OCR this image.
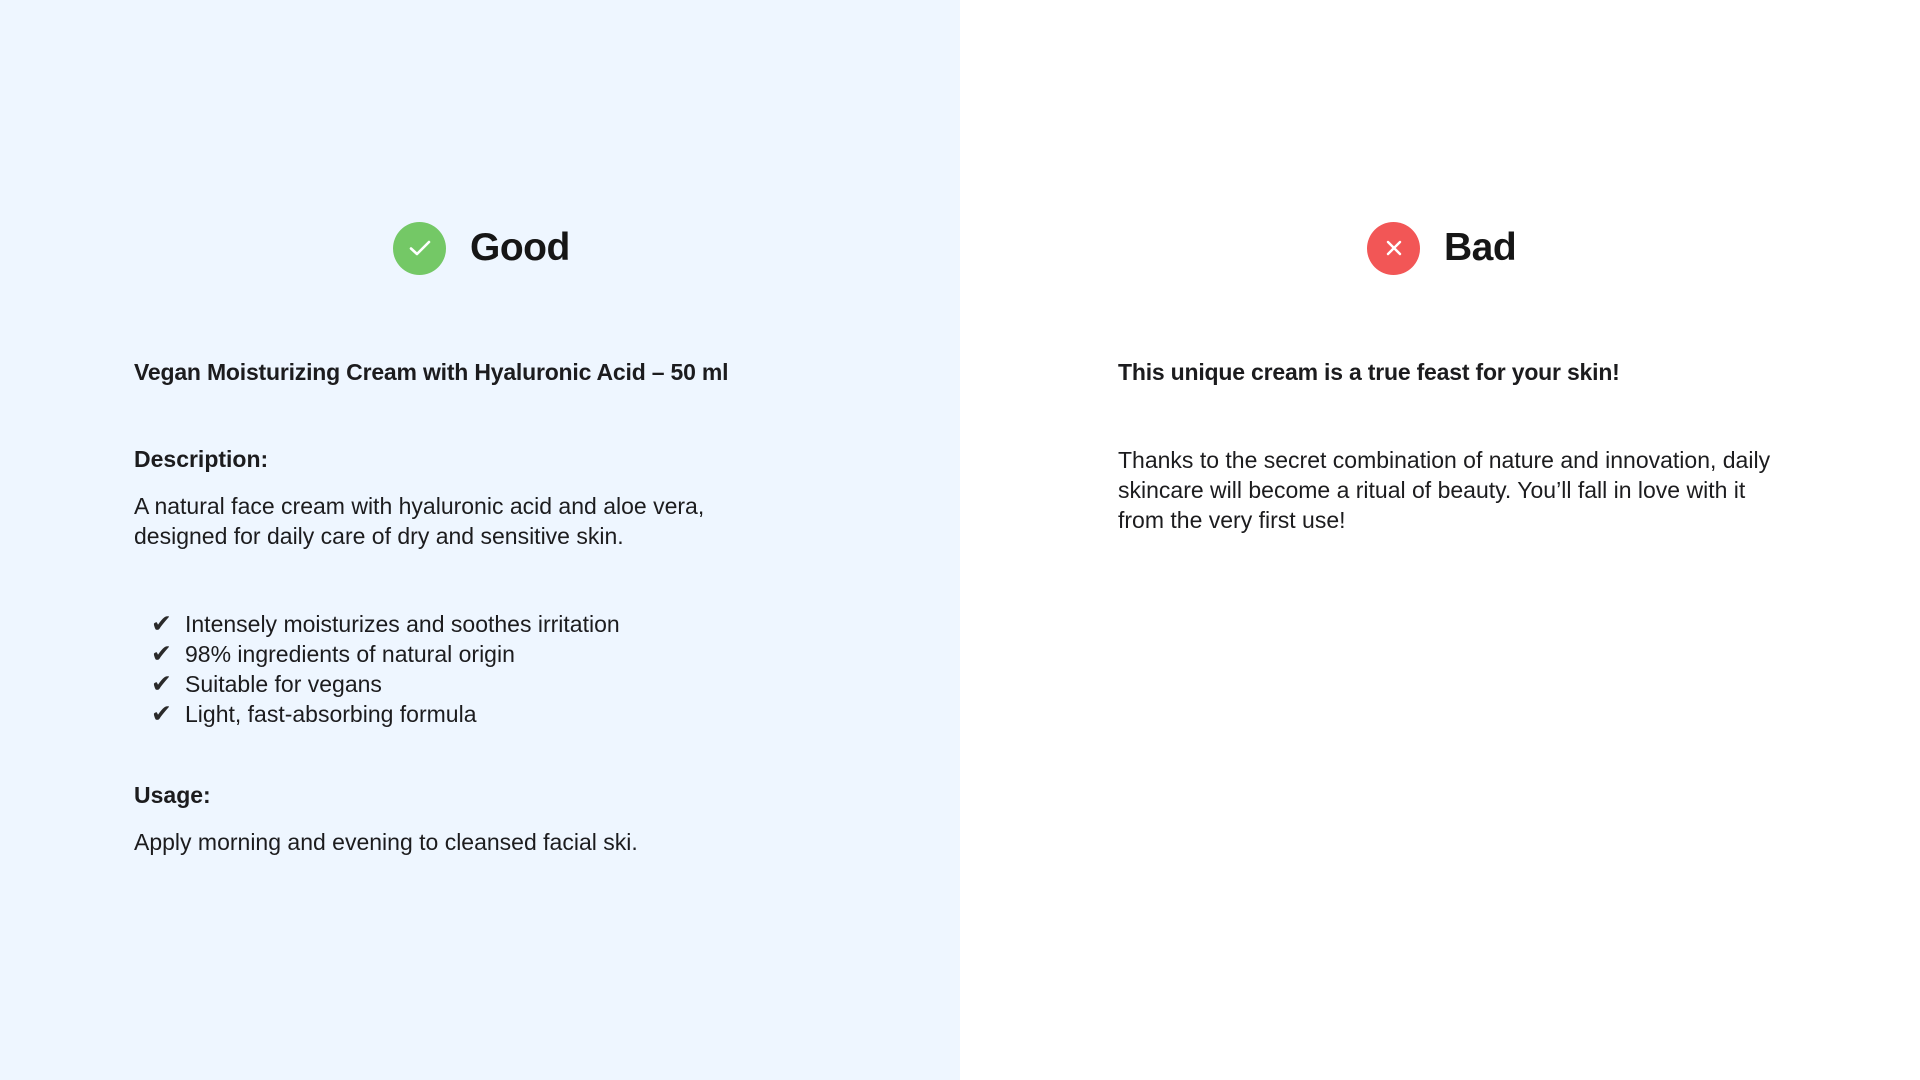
Good

Vegan Moisturizing Cream with Hyaluronic Acid – 50 ml

Description:

A natural face cream with hyaluronic acid and aloe vera, designed for daily care of dry and sensitive skin.

✔ Intensely moisturizes and soothes irritation
✔ 98% ingredients of natural origin
✔ Suitable for vegans
✔ Light, fast-absorbing formula

Usage:

Apply morning and evening to cleansed facial ski.

Bad

This unique cream is a true feast for your skin!

Thanks to the secret combination of nature and innovation, daily skincare will become a ritual of beauty. You’ll fall in love with it from the very first use!
